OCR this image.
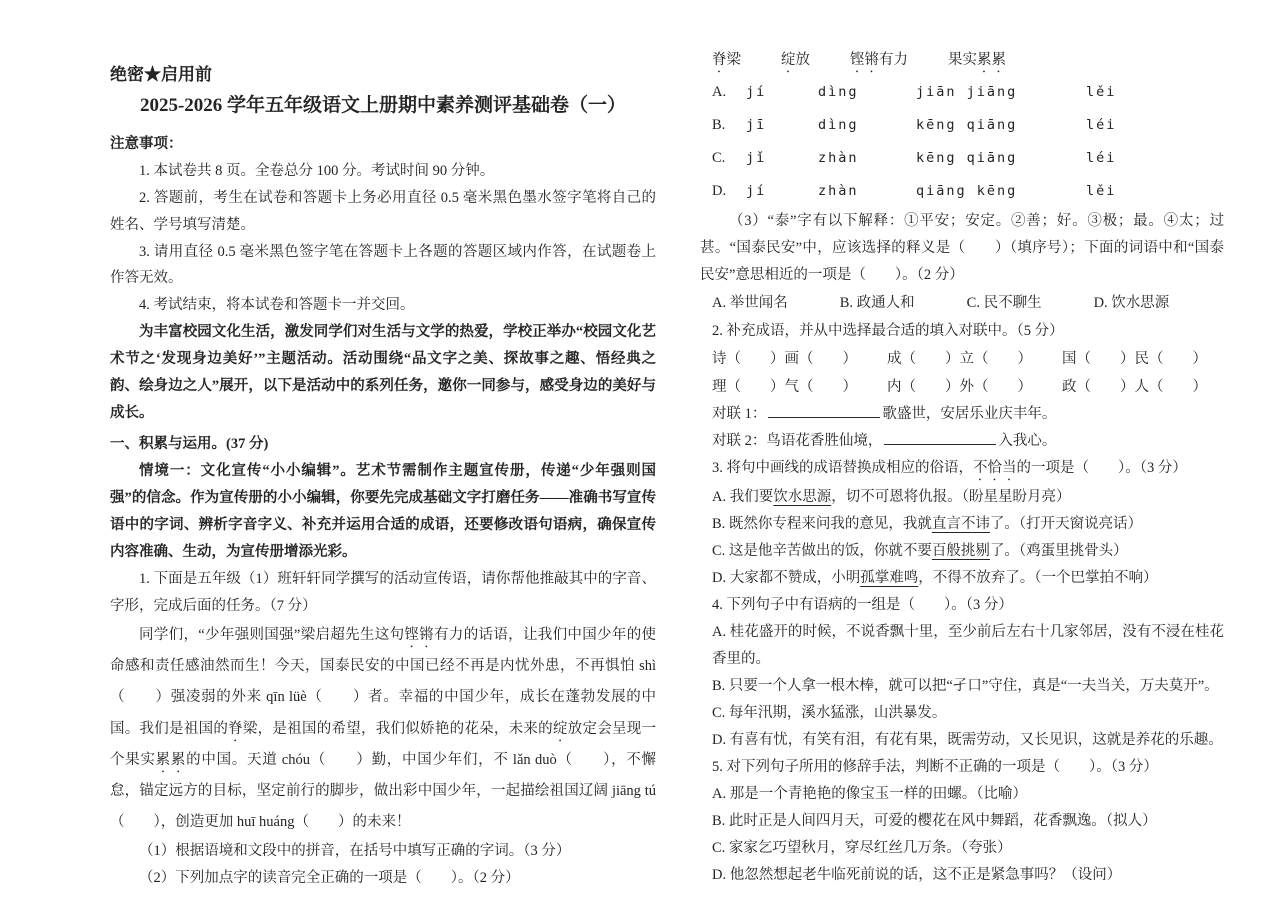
绝密★启用前
2025-2026 学年五年级语文上册期中素养测评基础卷（一）

注意事项：

1. 本试卷共 8 页。全卷总分 100 分。考试时间 90 分钟。

2. 答题前，考生在试卷和答题卡上务必用直径 0.5 毫米黑色墨水签字笔将自己的姓名、学号填写清楚。

3. 请用直径 0.5 毫米黑色签字笔在答题卡上各题的答题区域内作答，在试题卷上作答无效。

4. 考试结束，将本试卷和答题卡一并交回。

为丰富校园文化生活，激发同学们对生活与文学的热爱，学校正举办“校园文化艺术节之‘发现身边美好’”主题活动。活动围绕“品文字之美、探故事之趣、悟经典之韵、绘身边之人”展开，以下是活动中的系列任务，邀你一同参与，感受身边的美好与成长。

一、积累与运用。(37 分)

情境一：文化宣传“小小编辑”。艺术节需制作主题宣传册，传递“少年强则国强”的信念。作为宣传册的小小编辑，你要先完成基础文字打磨任务——准确书写宣传语中的字词、辨析字音字义、补充并运用合适的成语，还要修改语句语病，确保宣传内容准确、生动，为宣传册增添光彩。

1. 下面是五年级（1）班轩轩同学撰写的活动宣传语，请你帮他推敲其中的字音、字形，完成后面的任务。（7 分）

同学们，“少年强则国强”梁启超先生这句铿锵有力的话语，让我们中国少年的使命感和责任感油然而生！今天，国泰民安的中国已经不再是内忧外患，不再惧怕 shì（　　）强凌弱的外来 qīn lüè（　　）者。幸福的中国少年，成长在蓬勃发展的中国。我们是祖国的脊梁，是祖国的希望，我们似娇艳的花朵，未来的绽放定会呈现一个果实累累的中国。天道 chóu（　　）勤，中国少年们，不 lǎn duò（　　），不懈怠，锚定远方的目标，坚定前行的脚步，做出彩中国少年，一起描绘祖国辽阔 jiāng tú（　　），创造更加 huī huáng（　　）的未来！

（1）根据语境和文段中的拼音，在括号中填写正确的字词。（3 分）

（2）下列加点字的读音完全正确的一项是（　　）。（2 分）

脊梁	绽放	铿锵有力	果实累累
A.	jí	dìng	jiān jiāng	lěi
B.	jī	dìng	kēng qiāng	léi
C.	jǐ	zhàn	kēng qiāng	léi
D.	jí	zhàn	qiāng kēng	lěi

（3）“泰”字有以下解释：①平安；安定。②善；好。③极；最。④太；过甚。“国泰民安”中，应该选择的释义是（　　）（填序号）；下面的词语中和“国泰民安”意思相近的一项是（　　）。（2 分）

A. 举世闻名	B. 政通人和	C. 民不聊生	D. 饮水思源

2. 补充成语，并从中选择最合适的填入对联中。（5 分）

诗（　　）画（　　） 成（　　）立（　　） 国（　　）民（　　）
理（　　）气（　　） 内（　　）外（　　） 政（　　）人（　　）

对联 1：	歌盛世，安居乐业庆丰年。

对联 2：鸟语花香胜仙境，	入我心。

3. 将句中画线的成语替换成相应的俗语，不恰当的一项是（　　）。（3 分）

A. 我们要饮水思源，切不可恩将仇报。（盼星星盼月亮）

B. 既然你专程来问我的意见，我就直言不讳了。（打开天窗说亮话）

C. 这是他辛苦做出的饭，你就不要百般挑剔了。（鸡蛋里挑骨头）

D. 大家都不赞成，小明孤掌难鸣，不得不放弃了。（一个巴掌拍不响）

4. 下列句子中有语病的一组是（　　）。（3 分）

A. 桂花盛开的时候，不说香飘十里，至少前后左右十几家邻居，没有不浸在桂花香里的。

B. 只要一个人拿一根木棒，就可以把“孑口”守住，真是“一夫当关，万夫莫开”。

C. 每年汛期，溪水猛涨，山洪暴发。

D. 有喜有忧，有笑有泪，有花有果，既需劳动，又长见识，这就是养花的乐趣。

5. 对下列句子所用的修辞手法，判断不正确的一项是（　　）。（3 分）

A. 那是一个青艳艳的像宝玉一样的田螺。（比喻）

B. 此时正是人间四月天，可爱的樱花在风中舞蹈，花香飘逸。（拟人）

C. 家家乞巧望秋月，穿尽红丝几万条。（夸张）

D. 他忽然想起老牛临死前说的话，这不正是紧急事吗？（设问）
